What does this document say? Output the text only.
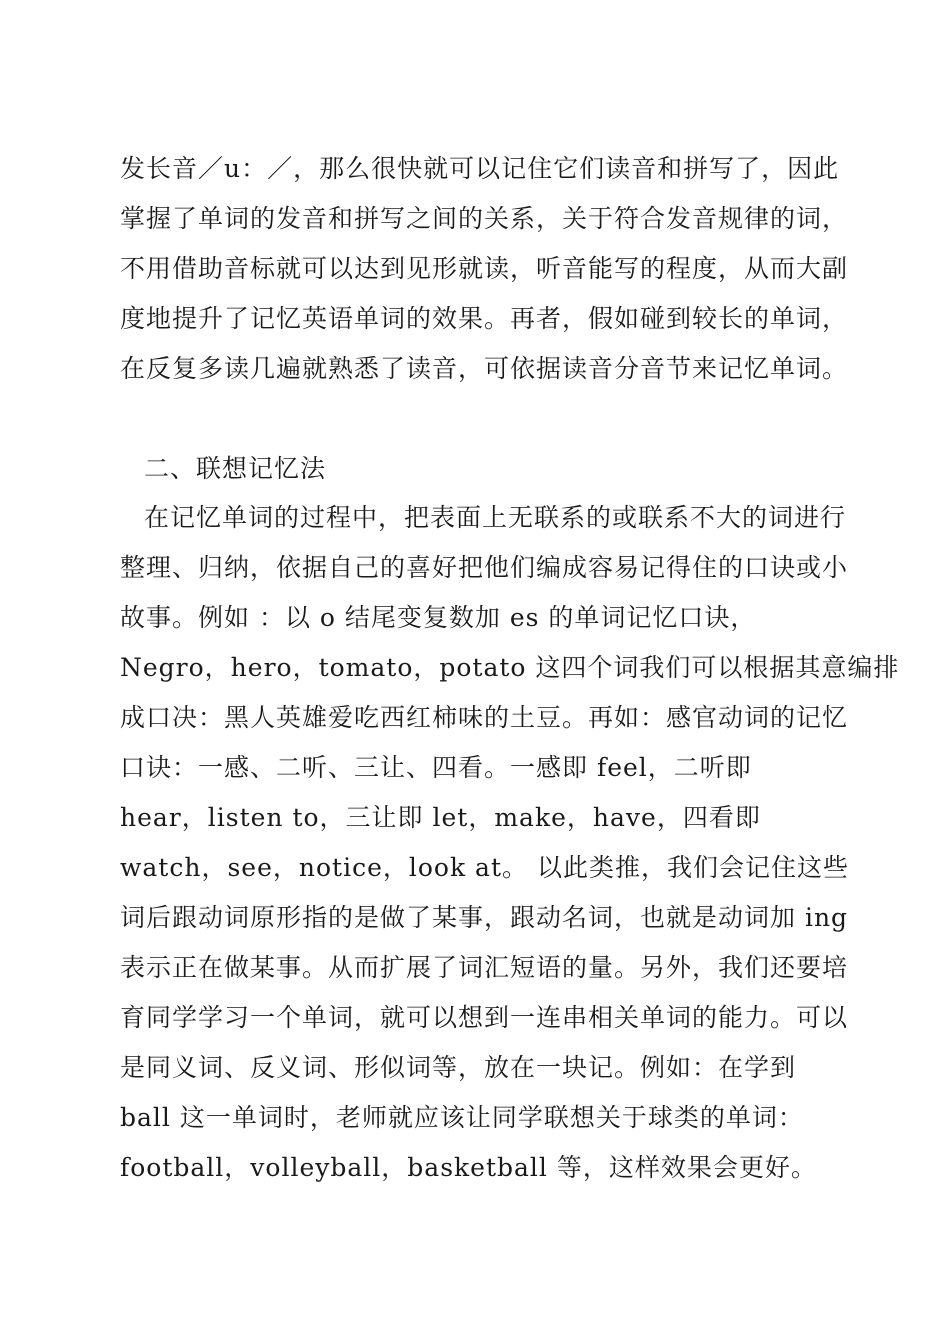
发长音／u：／，那么很快就可以记住它们读音和拼写了，因此
掌握了单词的发音和拼写之间的关系，关于符合发音规律的词，
不用借助音标就可以达到见形就读，听音能写的程度，从而大副
度地提升了记忆英语单词的效果。再者，假如碰到较长的单词，
在反复多读几遍就熟悉了读音，可依据读音分音节来记忆单词。
二、联想记忆法
在记忆单词的过程中，把表面上无联系的或联系不大的词进行
整理、归纳，依据自己的喜好把他们编成容易记得住的口诀或小
故事。例如 ：以 o 结尾变复数加 es 的单词记忆口诀，
Negro，hero，tomato，potato 这四个词我们可以根据其意编排
成口决：黑人英雄爱吃西红柿味的土豆。再如：感官动词的记忆
口诀：一感、二听、三让、四看。一感即 feel，二听即
hear，listen to，三让即 let，make，have，四看即
watch，see，notice，look at。 以此类推，我们会记住这些
词后跟动词原形指的是做了某事，跟动名词，也就是动词加 ing
表示正在做某事。从而扩展了词汇短语的量。另外，我们还要培
育同学学习一个单词，就可以想到一连串相关单词的能力。可以
是同义词、反义词、形似词等，放在一块记。例如：在学到
ball 这一单词时，老师就应该让同学联想关于球类的单词：
football，volleyball，basketball 等，这样效果会更好。
